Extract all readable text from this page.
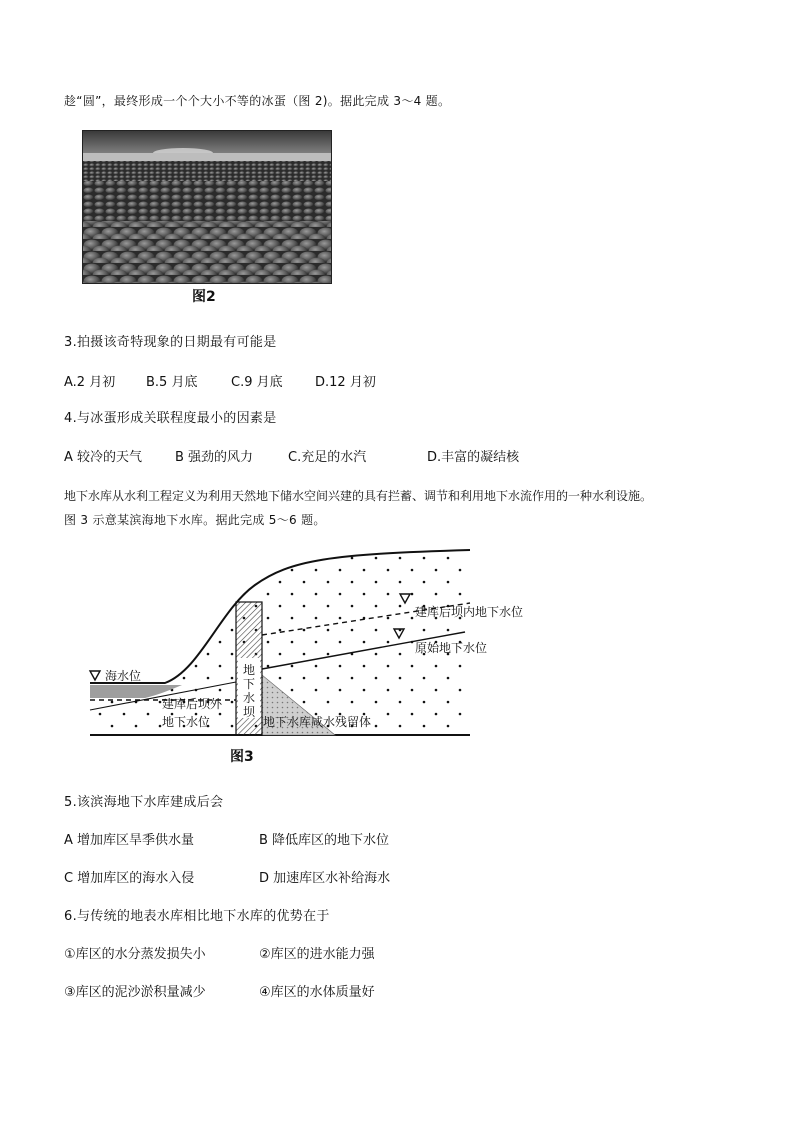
趁“圆”，最终形成一个个大小不等的冰蛋（图 2)。据此完成 3～4 题。
图2
3.拍摄该奇特现象的日期最有可能是
A.2 月初 B.5 月底	C.9 月底 D.12 月初
4.与冰蛋形成关联程度最小的因素是
A 较冷的天气	B 强劲的风力	C.充足的水汽	D.丰富的凝结核
地下水库从水利工程定义为利用天然地下储水空间兴建的具有拦蓄、调节和利用地下水流作用的一种水利设施。
图 3 示意某滨海地下水库。据此完成 5～6 题。
海水位
建库后坝内地下水位
原始地下水位
建库后坝外
地下水位	地下水库咸水残留体
地下水坝
图3
5.该滨海地下水库建成后会
A 增加库区旱季供水量	B 降低库区的地下水位
C 增加库区的海水入侵	D 加速库区水补给海水
6.与传统的地表水库相比地下水库的优势在于
①库区的水分蒸发损失小	②库区的进水能力强
③库区的泥沙淤积量减少	④库区的水体质量好
